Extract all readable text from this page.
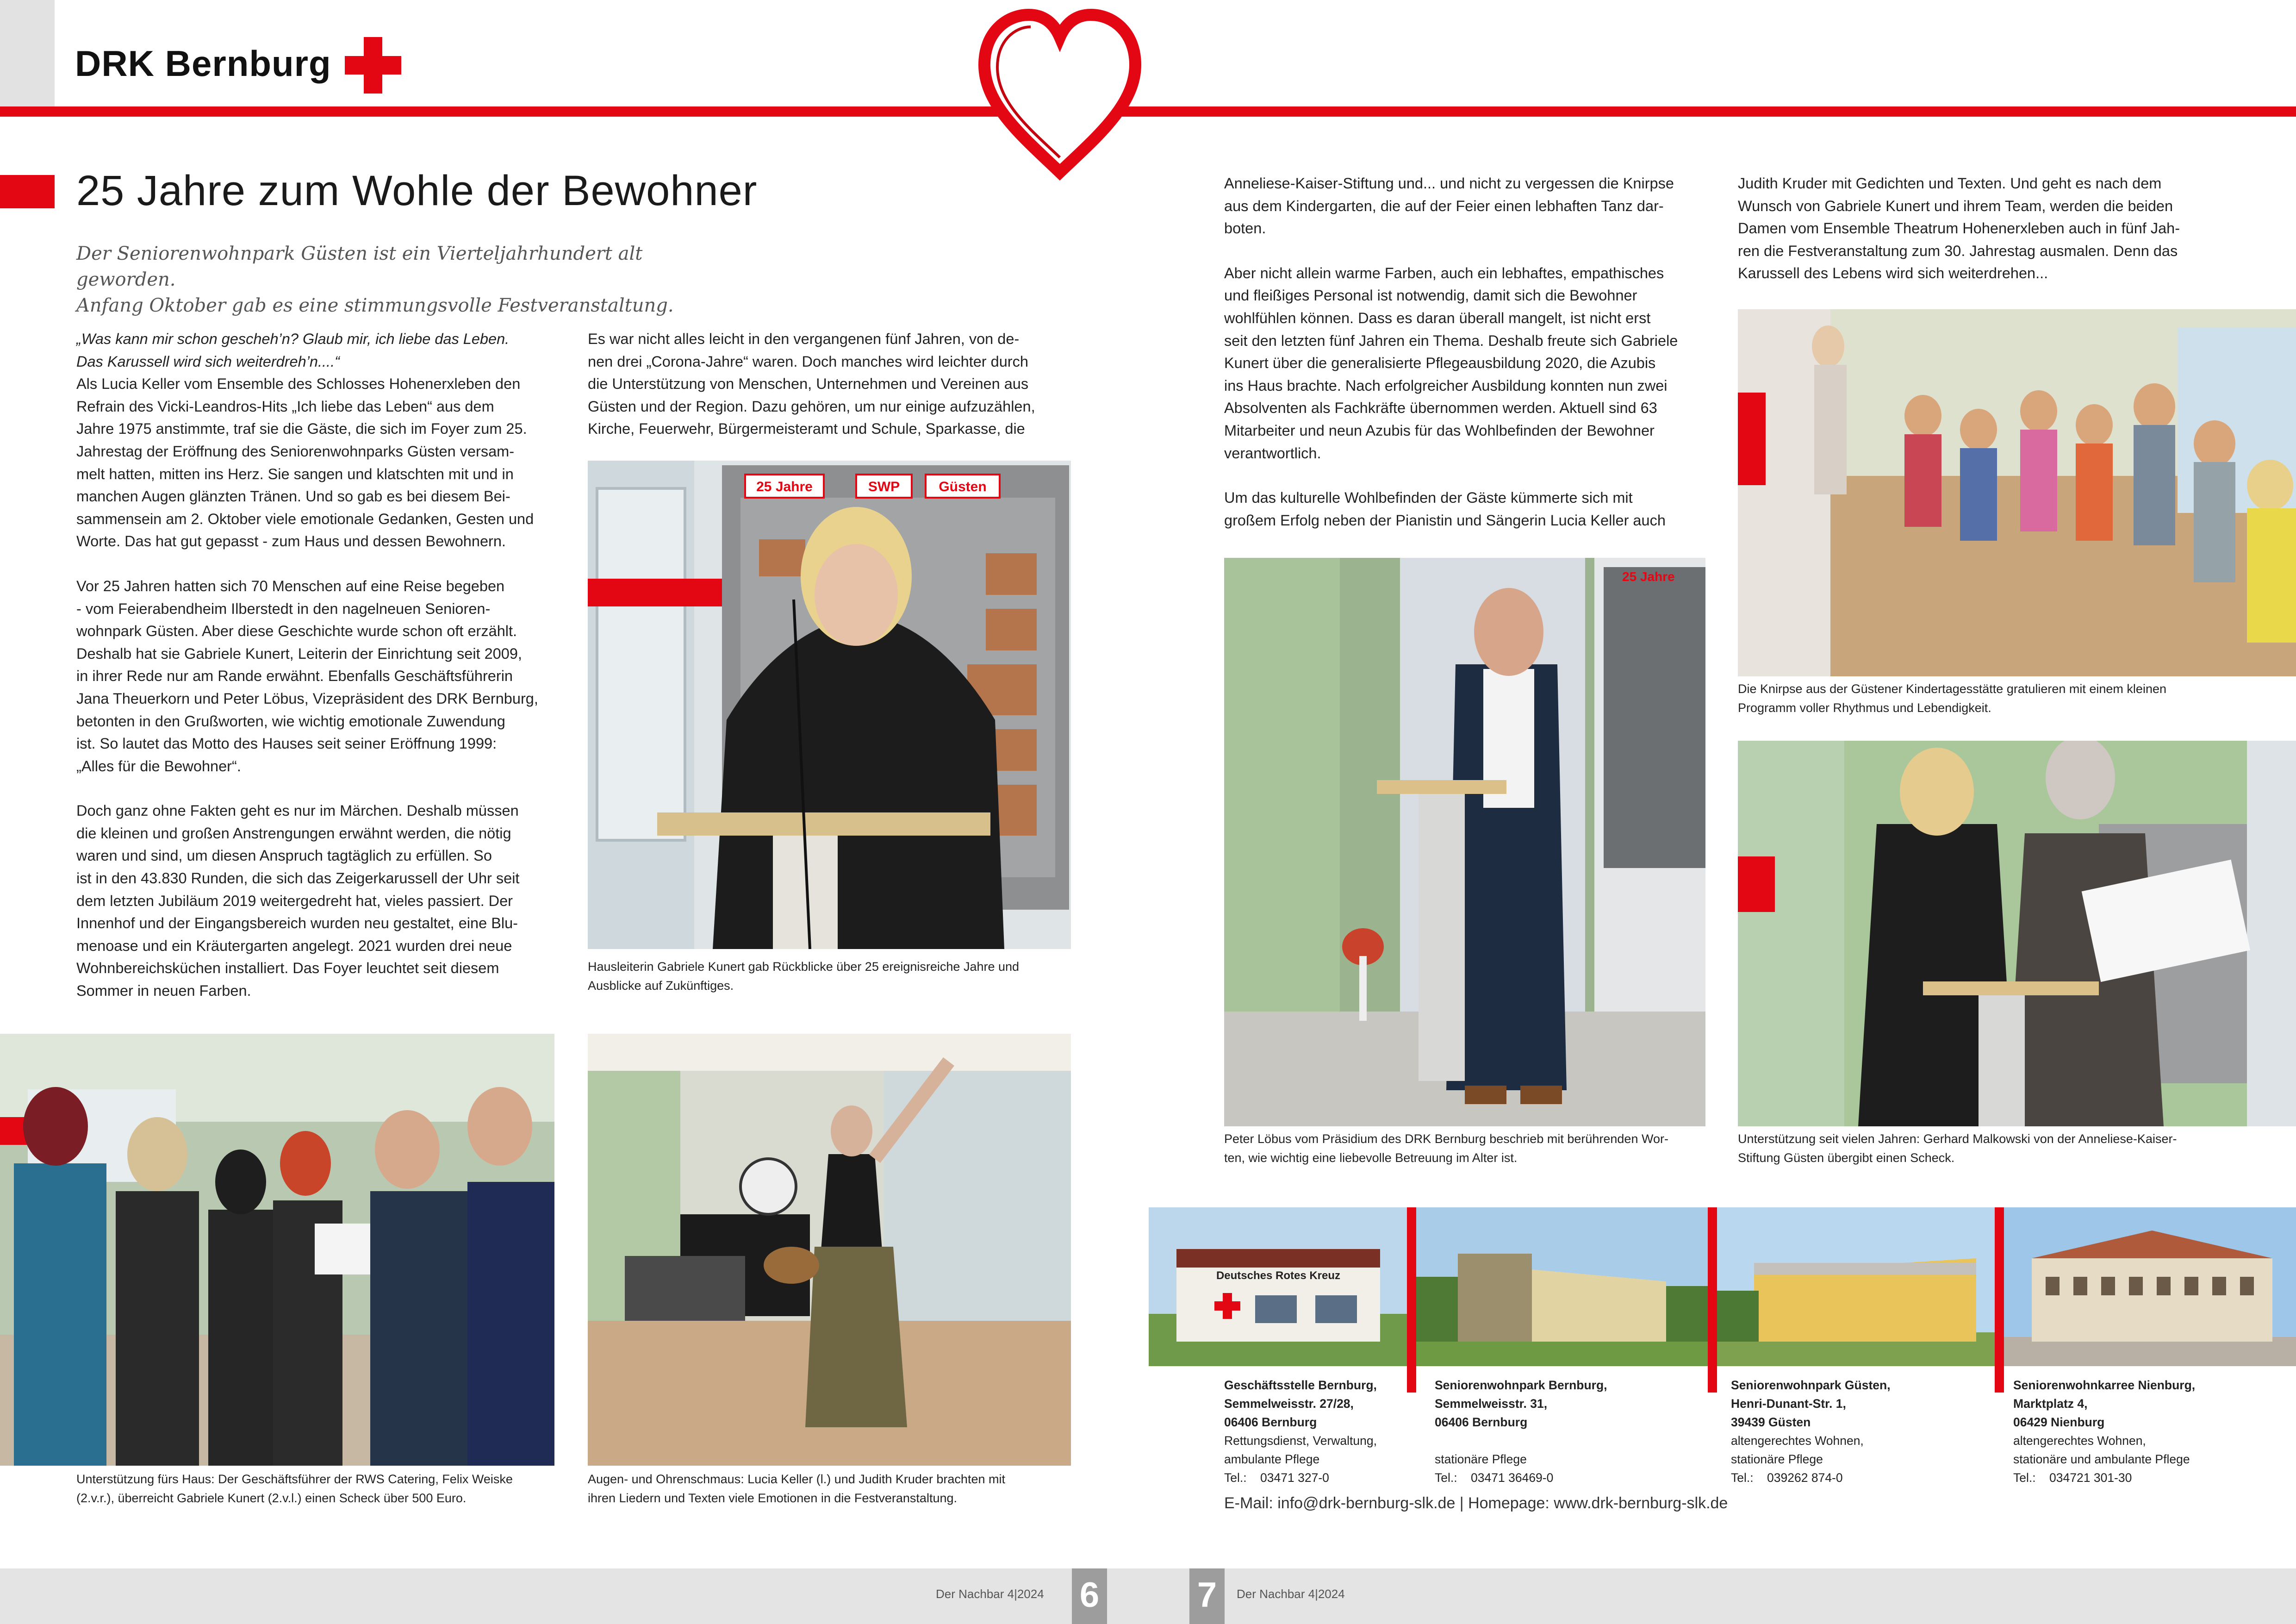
DRK Bernburg
25 Jahre zum Wohle der Bewohner
Der Seniorenwohnpark Güsten ist ein Vierteljahrhundert alt geworden.
Anfang Oktober gab es eine stimmungsvolle Festveranstaltung.

„Was kann mir schon gescheh’n? Glaub mir, ich liebe das Leben.
Das Karussell wird sich weiterdreh’n....“

Als Lucia Keller vom Ensemble des Schlosses Hohenerxleben den
Refrain des Vicki-Leandros-Hits „Ich liebe das Leben“ aus dem
Jahre 1975 anstimmte, traf sie die Gäste, die sich im Foyer zum 25.
Jahrestag der Eröffnung des Seniorenwohnparks Güsten versam-
melt hatten, mitten ins Herz. Sie sangen und klatschten mit und in
manchen Augen glänzten Tränen. Und so gab es bei diesem Bei-
sammensein am 2. Oktober viele emotionale Gedanken, Gesten und
Worte. Das hat gut gepasst - zum Haus und dessen Bewohnern.

Vor 25 Jahren hatten sich 70 Menschen auf eine Reise begeben
- vom Feierabendheim Ilberstedt in den nagelneuen Senioren-
wohnpark Güsten. Aber diese Geschichte wurde schon oft erzählt.
Deshalb hat sie Gabriele Kunert, Leiterin der Einrichtung seit 2009,
in ihrer Rede nur am Rande erwähnt. Ebenfalls Geschäftsführerin
Jana Theuerkorn und Peter Löbus, Vizepräsident des DRK Bernburg,
betonten in den Grußworten, wie wichtig emotionale Zuwendung
ist. So lautet das Motto des Hauses seit seiner Eröffnung 1999:
„Alles für die Bewohner“.

Doch ganz ohne Fakten geht es nur im Märchen. Deshalb müssen
die kleinen und großen Anstrengungen erwähnt werden, die nötig
waren und sind, um diesen Anspruch tagtäglich zu erfüllen. So
ist in den 43.830 Runden, die sich das Zeigerkarussell der Uhr seit
dem letzten Jubiläum 2019 weitergedreht hat, vieles passiert. Der
Innenhof und der Eingangsbereich wurden neu gestaltet, eine Blu-
menoase und ein Kräutergarten angelegt. 2021 wurden drei neue
Wohnbereichsküchen installiert. Das Foyer leuchtet seit diesem
Sommer in neuen Farben.

Es war nicht alles leicht in den vergangenen fünf Jahren, von de-
nen drei „Corona-Jahre“ waren. Doch manches wird leichter durch
die Unterstützung von Menschen, Unternehmen und Vereinen aus
Güsten und der Region. Dazu gehören, um nur einige aufzuzählen,
Kirche, Feuerwehr, Bürgermeisteramt und Schule, Sparkasse, die

Anneliese-Kaiser-Stiftung und... und nicht zu vergessen die Knirpse
aus dem Kindergarten, die auf der Feier einen lebhaften Tanz dar-
boten.

Aber nicht allein warme Farben, auch ein lebhaftes, empathisches
und fleißiges Personal ist notwendig, damit sich die Bewohner
wohlfühlen können. Dass es daran überall mangelt, ist nicht erst
seit den letzten fünf Jahren ein Thema. Deshalb freute sich Gabriele
Kunert über die generalisierte Pflegeausbildung 2020, die Azubis
ins Haus brachte. Nach erfolgreicher Ausbildung konnten nun zwei
Absolventen als Fachkräfte übernommen werden. Aktuell sind 63
Mitarbeiter und neun Azubis für das Wohlbefinden der Bewohner
verantwortlich.

Um das kulturelle Wohlbefinden der Gäste kümmerte sich mit
großem Erfolg neben der Pianistin und Sängerin Lucia Keller auch

Judith Kruder mit Gedichten und Texten. Und geht es nach dem
Wunsch von Gabriele Kunert und ihrem Team, werden die beiden
Damen vom Ensemble Theatrum Hohenerxleben auch in fünf Jah-
ren die Festveranstaltung zum 30. Jahrestag ausmalen. Denn das
Karussell des Lebens wird sich weiterdrehen...
25 Jahre	SWP	Güsten
Hausleiterin Gabriele Kunert gab Rückblicke über 25 ereignisreiche Jahre und
Ausblicke auf Zukünftiges.
Unterstützung fürs Haus: Der Geschäftsführer der RWS Catering, Felix Weiske
(2.v.r.), überreicht Gabriele Kunert (2.v.l.) einen Scheck über 500 Euro.
Augen- und Ohrenschmaus: Lucia Keller (l.) und Judith Kruder brachten mit
ihren Liedern und Texten viele Emotionen in die Festveranstaltung.
25 Jahre
Peter Löbus vom Präsidium des DRK Bernburg beschrieb mit berührenden Wor-
ten, wie wichtig eine liebevolle Betreuung im Alter ist.
Die Knirpse aus der Güstener Kindertagesstätte gratulieren mit einem kleinen
Programm voller Rhythmus und Lebendigkeit.
Unterstützung seit vielen Jahren: Gerhard Malkowski von der Anneliese-Kaiser-
Stiftung Güsten übergibt einen Scheck.
Deutsches Rotes Kreuz
Geschäftsstelle Bernburg,
Semmelweisstr. 27/28,
06406 Bernburg
Rettungsdienst, Verwaltung,
ambulante Pflege
Tel.:    03471 327-0
Seniorenwohnpark Bernburg,
Semmelweisstr. 31,
06406 Bernburg

stationäre Pflege
Tel.:    03471 36469-0
Seniorenwohnpark Güsten,
Henri-Dunant-Str. 1,
39439 Güsten
altengerechtes Wohnen,
stationäre Pflege
Tel.:    039262 874-0
Seniorenwohnkarree Nienburg,
Marktplatz 4,
06429 Nienburg
altengerechtes Wohnen,
stationäre und ambulante Pflege
Tel.:    034721 301-30
E-Mail: info@drk-bernburg-slk.de | Homepage: www.drk-bernburg-slk.de
Der Nachbar 4|2024 6	7	Der Nachbar 4|2024
